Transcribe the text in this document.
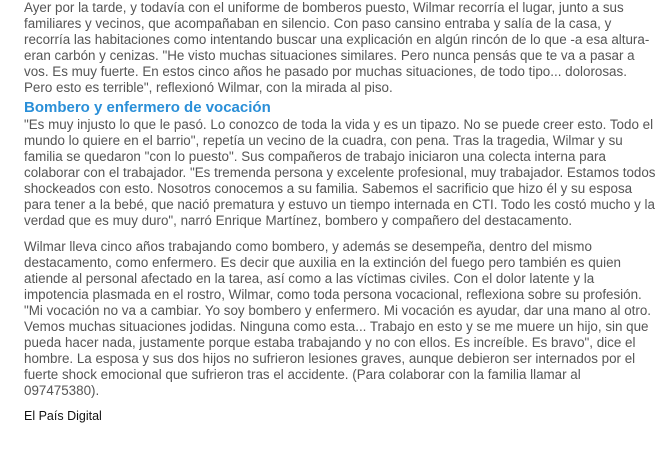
Ayer por la tarde, y todavía con el uniforme de bomberos puesto, Wilmar recorría el lugar, junto a sus familiares y vecinos, que acompañaban en silencio. Con paso cansino entraba y salía de la casa, y recorría las habitaciones como intentando buscar una explicación en algún rincón de lo que -a esa altura- eran carbón y cenizas. "He visto muchas situaciones similares. Pero nunca pensás que te va a pasar a vos. Es muy fuerte. En estos cinco años he pasado por muchas situaciones, de todo tipo... dolorosas. Pero esto es terrible", reflexionó Wilmar, con la mirada al piso.

Bombero y enfermero de vocación

"Es muy injusto lo que le pasó. Lo conozco de toda la vida y es un tipazo. No se puede creer esto. Todo el mundo lo quiere en el barrio", repetía un vecino de la cuadra, con pena. Tras la tragedia, Wilmar y su familia se quedaron "con lo puesto". Sus compañeros de trabajo iniciaron una colecta interna para colaborar con el trabajador. "Es tremenda persona y excelente profesional, muy trabajador. Estamos todos shockeados con esto. Nosotros conocemos a su familia. Sabemos el sacrificio que hizo él y su esposa para tener a la bebé, que nació prematura y estuvo un tiempo internada en CTI. Todo les costó mucho y la verdad que es muy duro", narró Enrique Martínez, bombero y compañero del destacamento.

Wilmar lleva cinco años trabajando como bombero, y además se desempeña, dentro del mismo destacamento, como enfermero. Es decir que auxilia en la extinción del fuego pero también es quien atiende al personal afectado en la tarea, así como a las víctimas civiles. Con el dolor latente y la impotencia plasmada en el rostro, Wilmar, como toda persona vocacional, reflexiona sobre su profesión. "Mi vocación no va a cambiar. Yo soy bombero y enfermero. Mi vocación es ayudar, dar una mano al otro. Vemos muchas situaciones jodidas. Ninguna como esta... Trabajo en esto y se me muere un hijo, sin que pueda hacer nada, justamente porque estaba trabajando y no con ellos. Es increíble. Es bravo", dice el hombre. La esposa y sus dos hijos no sufrieron lesiones graves, aunque debieron ser internados por el fuerte shock emocional que sufrieron tras el accidente. (Para colaborar con la familia llamar al 097475380).

El País Digital
